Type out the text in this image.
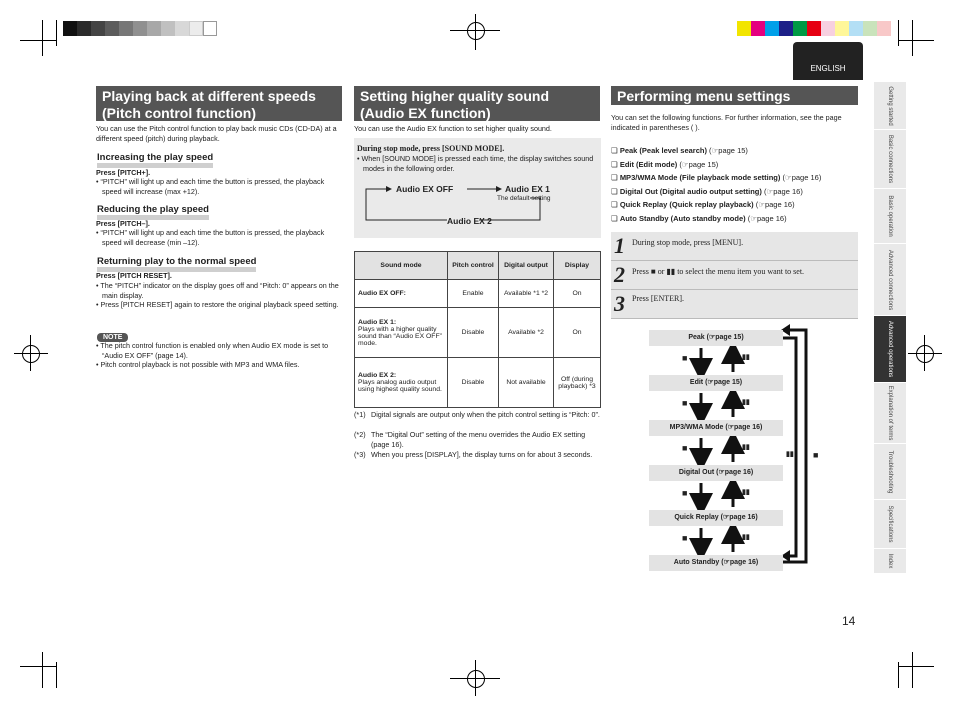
ENGLISH
Playing back at different speeds (Pitch control function)
You can use the Pitch control function to play back music CDs (CD-DA) at a different speed (pitch) during playback.
Increasing the play speed
Press [PITCH+].
• “PITCH” will light up and each time the button is pressed, the playback speed will increase (max +12).
Reducing the play speed
Press [PITCH–].
• “PITCH” will light up and each time the button is pressed, the playback speed will decrease (min –12).
Returning play to the normal speed
Press [PITCH RESET].
• The “PITCH” indicator on the display goes off and “Pitch: 0” appears on the main display.
• Press [PITCH RESET] again to restore the original playback speed setting.
NOTE
• The pitch control function is enabled only when Audio EX mode is set to “Audio EX OFF” (page 14).
• Pitch control playback is not possible with MP3 and WMA files.
Setting higher quality sound (Audio EX function)
You can use the Audio EX function to set higher quality sound.
During stop mode, press [SOUND MODE].
• When [SOUND MODE] is pressed each time, the display switches sound modes in the following order.
Audio EX OFF	Audio EX 1
The default setting
Audio EX 2
Sound mode	Pitch control	Digital output	Display
Audio EX OFF:	Enable	Available *1 *2	On
Audio EX 1:
Plays with a higher quality sound than “Audio EX OFF” mode.	Disable	Available *2	On
Audio EX 2:
Plays analog audio output using highest quality sound.	Disable	Not available	Off (during playback) *3
(*1) Digital signals are output only when the pitch control setting is “Pitch: 0”.
(*2) The “Digital Out” setting of the menu overrides the Audio EX setting (page 16).
(*3) When you press [DISPLAY], the display turns on for about 3 seconds.
Performing menu settings
You can set the following functions. For further information, see the page indicated in parentheses ( ).
❏ Peak (Peak level search) (☞page 15)
❏ Edit (Edit mode) (☞page 15)
❏ MP3/WMA Mode (File playback mode setting) (☞page 16)
❏ Digital Out (Digital audio output setting) (☞page 16)
❏ Quick Replay (Quick replay playback) (☞page 16)
❏ Auto Standby (Auto standby mode) (☞page 16)
1 During stop mode, press [MENU].
2 Press ■ or ▮▮ to select the menu item you want to set.
3 Press [ENTER].
Peak (☞page 15)
Edit (☞page 15)
MP3/WMA Mode (☞page 16)
Digital Out (☞page 16)
Quick Replay (☞page 16)
Auto Standby (☞page 16)
■	▮▮
■	▮▮
■	▮▮
■	▮▮
■	▮▮
▮▮ ■
Getting started
Basic connections
Basic operation
Advanced connections
Advanced operations
Explanation of terms
Troubleshooting
Specifications
Index
14
